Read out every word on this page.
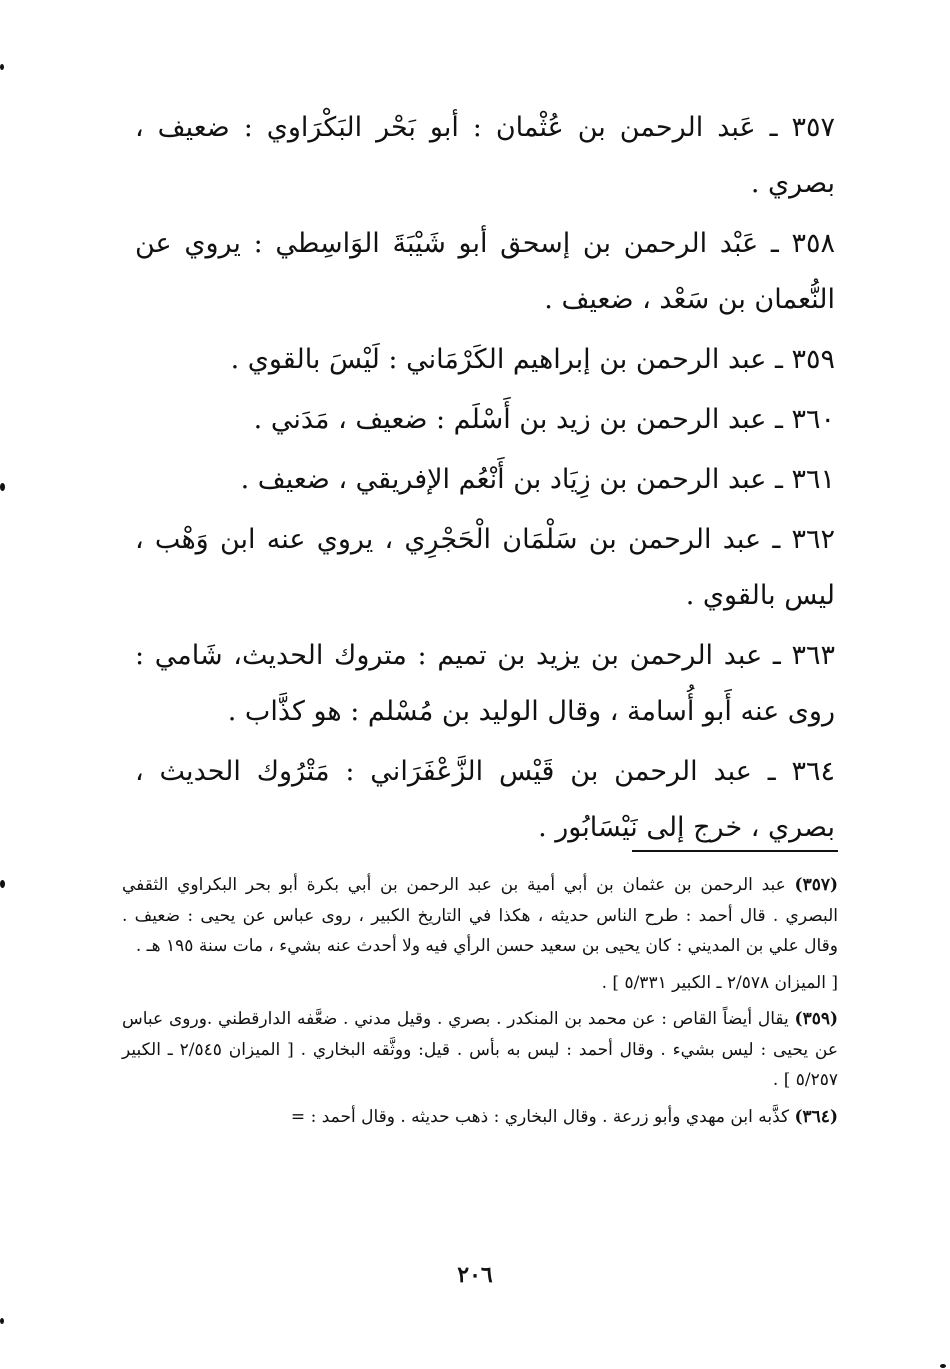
٣٥٧ ـ عَبد الرحمن بن عُثْمان : أبو بَحْر البَكْرَاوي : ضعيف ، بصري .

٣٥٨ ـ عَبْد الرحمن بن إسحق أبو شَيْبَةَ الوَاسِطي : يروي عن النُّعمان بن سَعْد ، ضعيف .

٣٥٩ ـ عبد الرحمن بن إبراهيم الكَرْمَاني : لَيْسَ بالقوي .

٣٦٠ ـ عبد الرحمن بن زيد بن أَسْلَم : ضعيف ، مَدَني .

٣٦١ ـ عبد الرحمن بن زِيَاد بن أَنْعُم الإفريقي ، ضعيف .

٣٦٢ ـ عبد الرحمن بن سَلْمَان الْحَجْرِي ، يروي عنه ابن وَهْب ، ليس بالقوي .

٣٦٣ ـ عبد الرحمن بن يزيد بن تميم : متروك الحديث، شَامي : روى عنه أَبو أُسامة ، وقال الوليد بن مُسْلم : هو كذَّاب .

٣٦٤ ـ عبد الرحمن بن قَيْس الزَّعْفَرَاني : مَتْرُوك الحديث ، بصري ، خرج إلى نَيْسَابُور .

(٣٥٧) عبد الرحمن بن عثمان بن أبي أمية بن عبد الرحمن بن أبي بكرة أبو بحر البكراوي الثقفي البصري . قال أحمد : طرح الناس حديثه ، هكذا في التاريخ الكبير ، روى عباس عن يحيى : ضعيف . وقال علي بن المديني : كان يحيى بن سعيد حسن الرأي فيه ولا أحدث عنه بشيء ، مات سنة ١٩٥ هـ .

[ الميزان ٢/٥٧٨ ـ الكبير ٥/٣٣١ ] .

(٣٥٩) يقال أيضاً القاص : عن محمد بن المنكدر . بصري . وقيل مدني . ضعَّفه الدارقطني .وروى عباس عن يحيى : ليس بشيء . وقال أحمد : ليس به بأس . قيل: ووثَّقه البخاري . [ الميزان ٢/٥٤٥ ـ الكبير ٥/٢٥٧ ] .

(٣٦٤) كذَّبه ابن مهدي وأبو زرعة . وقال البخاري : ذهب حديثه . وقال أحمد : =

٢٠٦
